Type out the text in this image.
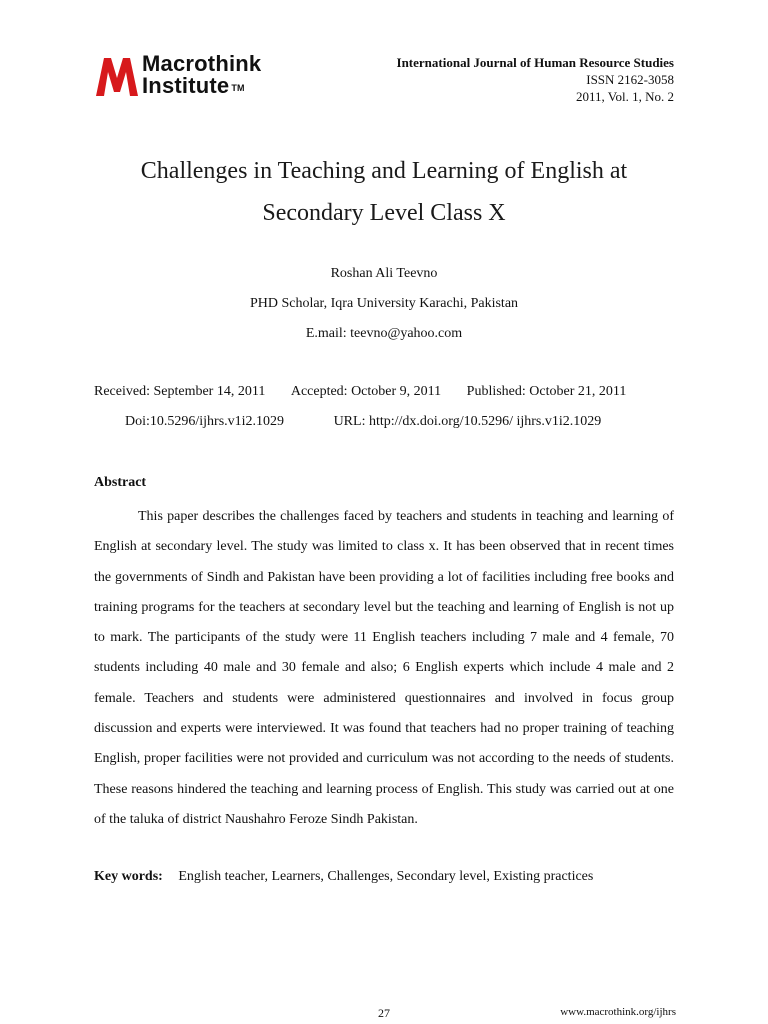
Macrothink
Institute ™
International Journal of Human Resource Studies
ISSN 2162-3058
2011, Vol. 1, No. 2
Challenges in Teaching and Learning of English at
Secondary Level Class X
Roshan Ali Teevno
PHD Scholar, Iqra University Karachi, Pakistan
E.mail: teevno@yahoo.com
Received: September 14, 2011 Accepted: October 9, 2011 Published: October 21, 2011
Doi:10.5296/ijhrs.v1i2.1029	URL: http://dx.doi.org/10.5296/ ijhrs.v1i2.1029
Abstract

This paper describes the challenges faced by teachers and students in teaching and learning of English at secondary level. The study was limited to class x. It has been observed that in recent times the governments of Sindh and Pakistan have been providing a lot of facilities including free books and training programs for the teachers at secondary level but the teaching and learning of English is not up to mark. The participants of the study were 11 English teachers including 7 male and 4 female, 70 students including 40 male and 30 female and also; 6 English experts which include 4 male and 2 female. Teachers and students were administered questionnaires and involved in focus group discussion and experts were interviewed. It was found that teachers had no proper training of teaching English, proper facilities were not provided and curriculum was not according to the needs of students. These reasons hindered the teaching and learning process of English. This study was carried out at one of the taluka of district Naushahro Feroze Sindh Pakistan.

Key words: English teacher, Learners, Challenges, Secondary level, Existing practices
27	www.macrothink.org/ijhrs
